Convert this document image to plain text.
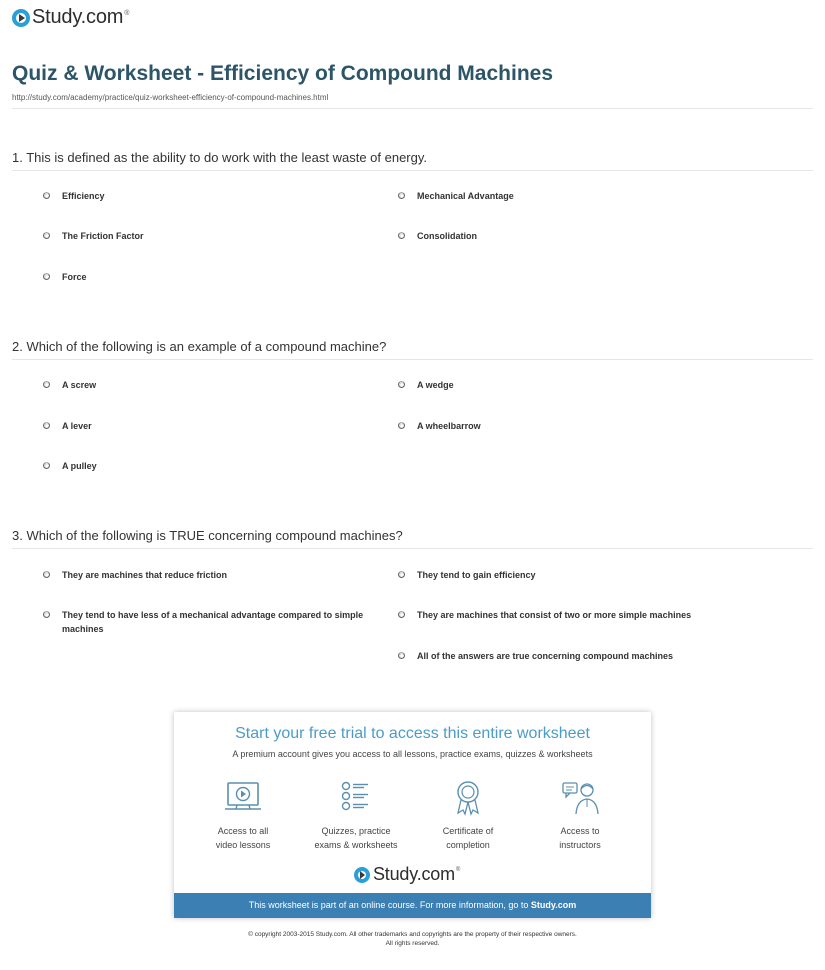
Study.com ®
Quiz & Worksheet - Efficiency of Compound Machines
http://study.com/academy/practice/quiz-worksheet-efficiency-of-compound-machines.html
1. This is defined as the ability to do work with the least waste of energy.
Efficiency	Mechanical Advantage
The Friction Factor	Consolidation
Force
2. Which of the following is an example of a compound machine?
A screw	A wedge
A lever	A wheelbarrow
A pulley
3. Which of the following is TRUE concerning compound machines?
They are machines that reduce friction	They tend to gain efficiency
They tend to have less of a mechanical advantage compared to simple machines
They are machines that consist of two or more simple machines
All of the answers are true concerning compound machines
Start your free trial to access this entire worksheet
A premium account gives you access to all lessons, practice exams, quizzes & worksheets
Access to all
video lessons
Quizzes, practice
exams & worksheets
Certificate of
completion
Access to
instructors
Study.com ®
This worksheet is part of an online course. For more information, go to Study.com
© copyright 2003-2015 Study.com. All other trademarks and copyrights are the property of their respective owners.
All rights reserved.
